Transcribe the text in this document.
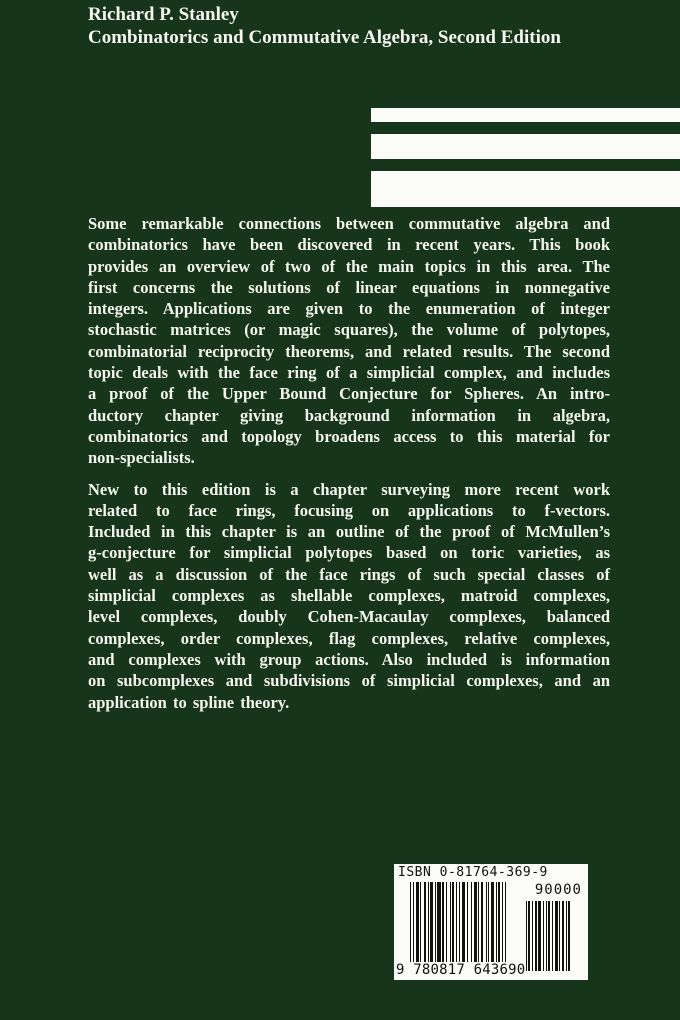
Richard P. Stanley
Combinatorics and Commutative Algebra, Second Edition

Some remarkable connections between commutative algebra and
combinatorics have been discovered in recent years. This book
provides an overview of two of the main topics in this area. The
first concerns the solutions of linear equations in nonnegative
integers. Applications are given to the enumeration of integer
stochastic matrices (or magic squares), the volume of polytopes,
combinatorial reciprocity theorems, and related results. The second
topic deals with the face ring of a simplicial complex, and includes
a proof of the Upper Bound Conjecture for Spheres. An intro-
ductory chapter giving background information in algebra,
combinatorics and topology broadens access to this material for
non-specialists.

New to this edition is a chapter surveying more recent work
related to face rings, focusing on applications to f-vectors.
Included in this chapter is an outline of the proof of McMullen’s
g-conjecture for simplicial polytopes based on toric varieties, as
well as a discussion of the face rings of such special classes of
simplicial complexes as shellable complexes, matroid complexes,
level complexes, doubly Cohen-Macaulay complexes, balanced
complexes, order complexes, flag complexes, relative complexes,
and complexes with group actions. Also included is information
on subcomplexes and subdivisions of simplicial complexes, and an
application to spline theory.

ISBN 0-81764-369-9
90000
9 780817 643690
